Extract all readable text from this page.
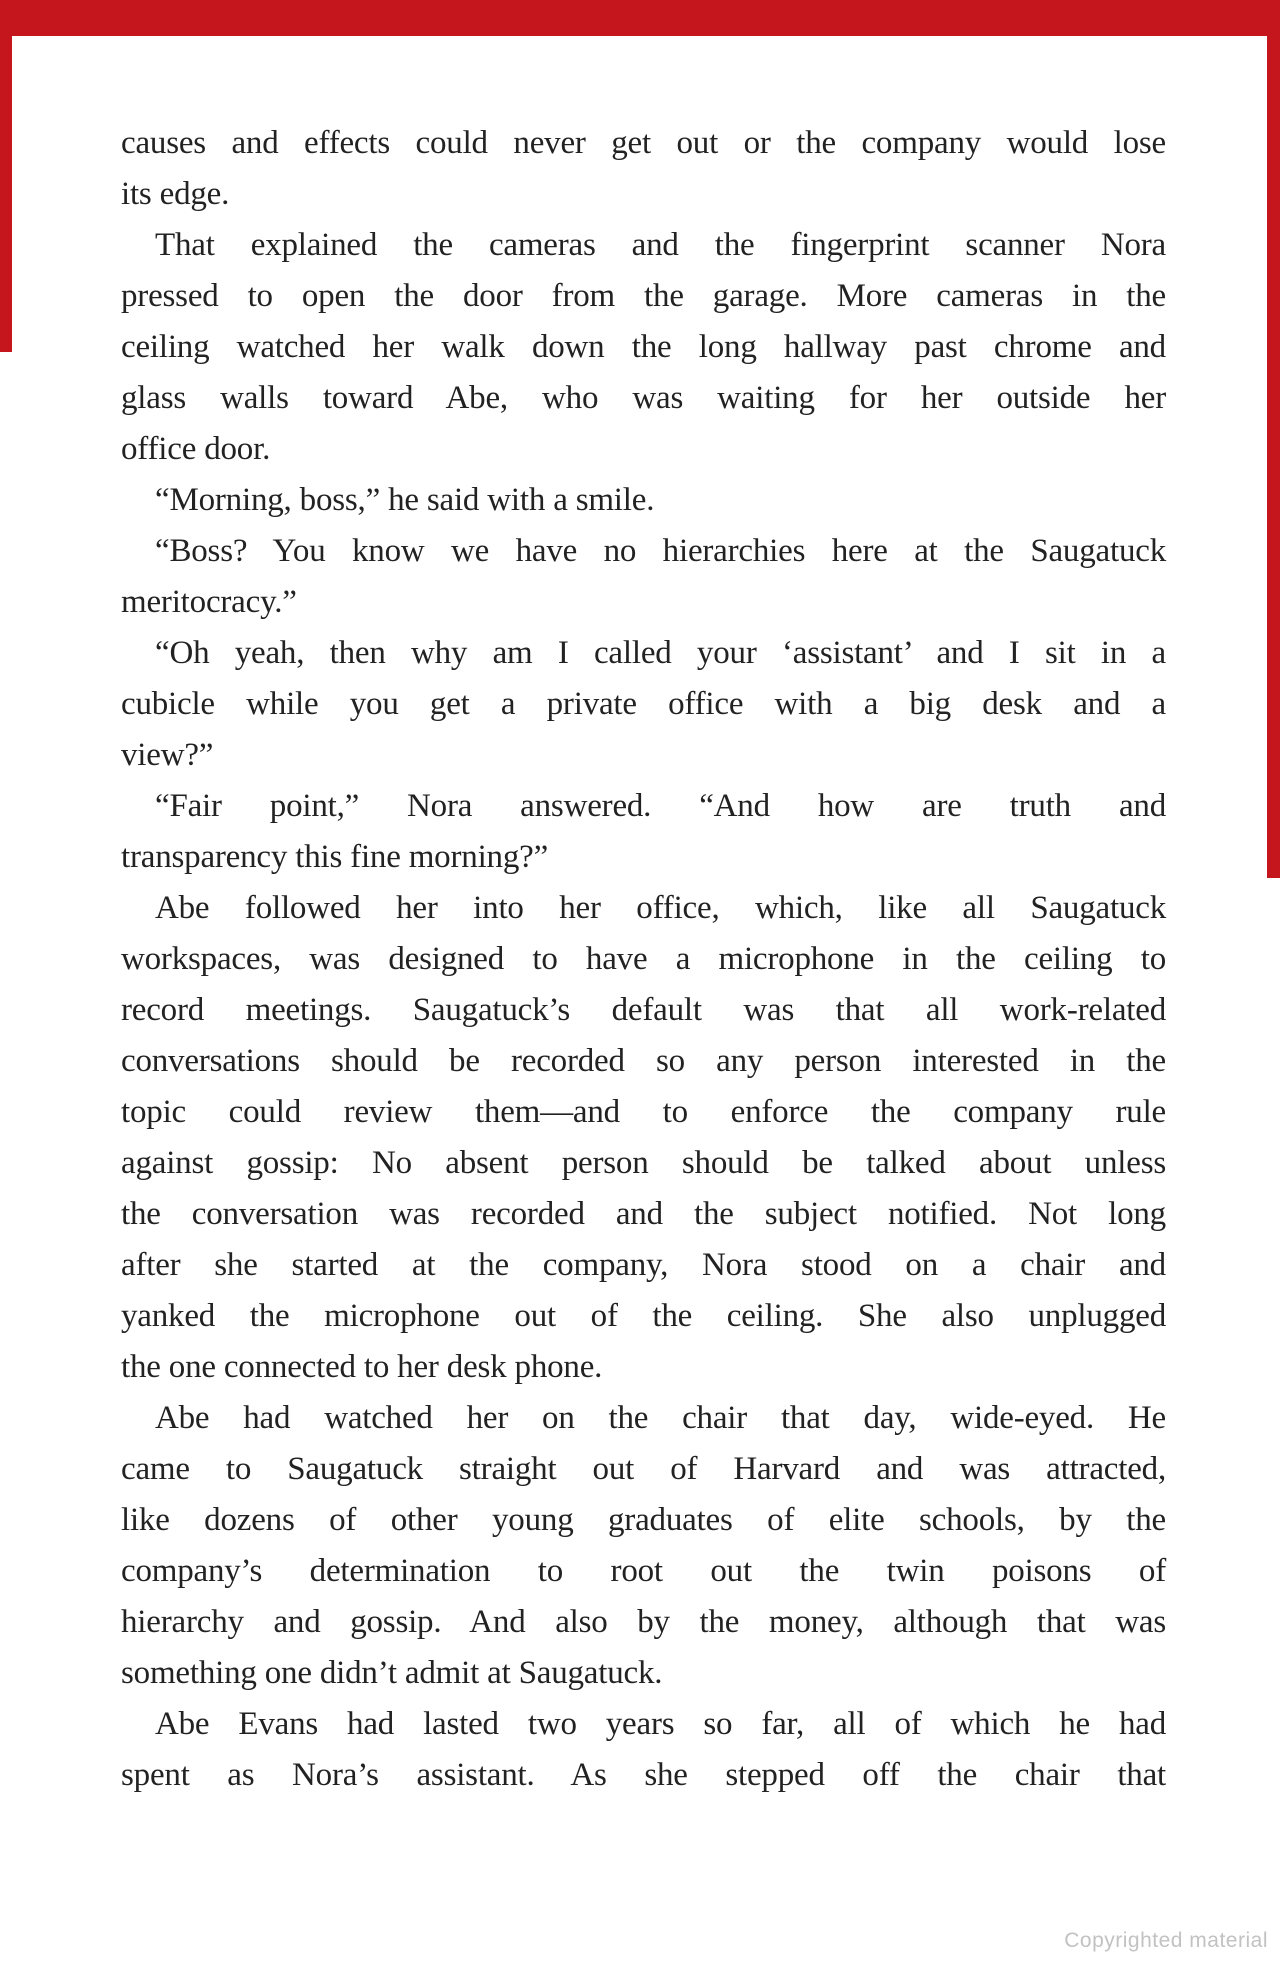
causes and effects could never get out or the company would lose
its edge.
That explained the cameras and the fingerprint scanner Nora
pressed to open the door from the garage. More cameras in the
ceiling watched her walk down the long hallway past chrome and
glass walls toward Abe, who was waiting for her outside her
office door.
“Morning, boss,” he said with a smile.
“Boss? You know we have no hierarchies here at the Saugatuck
meritocracy.”
“Oh yeah, then why am I called your ‘assistant’ and I sit in a
cubicle while you get a private office with a big desk and a
view?”
“Fair point,” Nora answered. “And how are truth and
transparency this fine morning?”
Abe followed her into her office, which, like all Saugatuck
workspaces, was designed to have a microphone in the ceiling to
record meetings. Saugatuck’s default was that all work-related
conversations should be recorded so any person interested in the
topic could review them—and to enforce the company rule
against gossip: No absent person should be talked about unless
the conversation was recorded and the subject notified. Not long
after she started at the company, Nora stood on a chair and
yanked the microphone out of the ceiling. She also unplugged
the one connected to her desk phone.
Abe had watched her on the chair that day, wide-eyed. He
came to Saugatuck straight out of Harvard and was attracted,
like dozens of other young graduates of elite schools, by the
company’s determination to root out the twin poisons of
hierarchy and gossip. And also by the money, although that was
something one didn’t admit at Saugatuck.
Abe Evans had lasted two years so far, all of which he had
spent as Nora’s assistant. As she stepped off the chair that
Copyrighted material
